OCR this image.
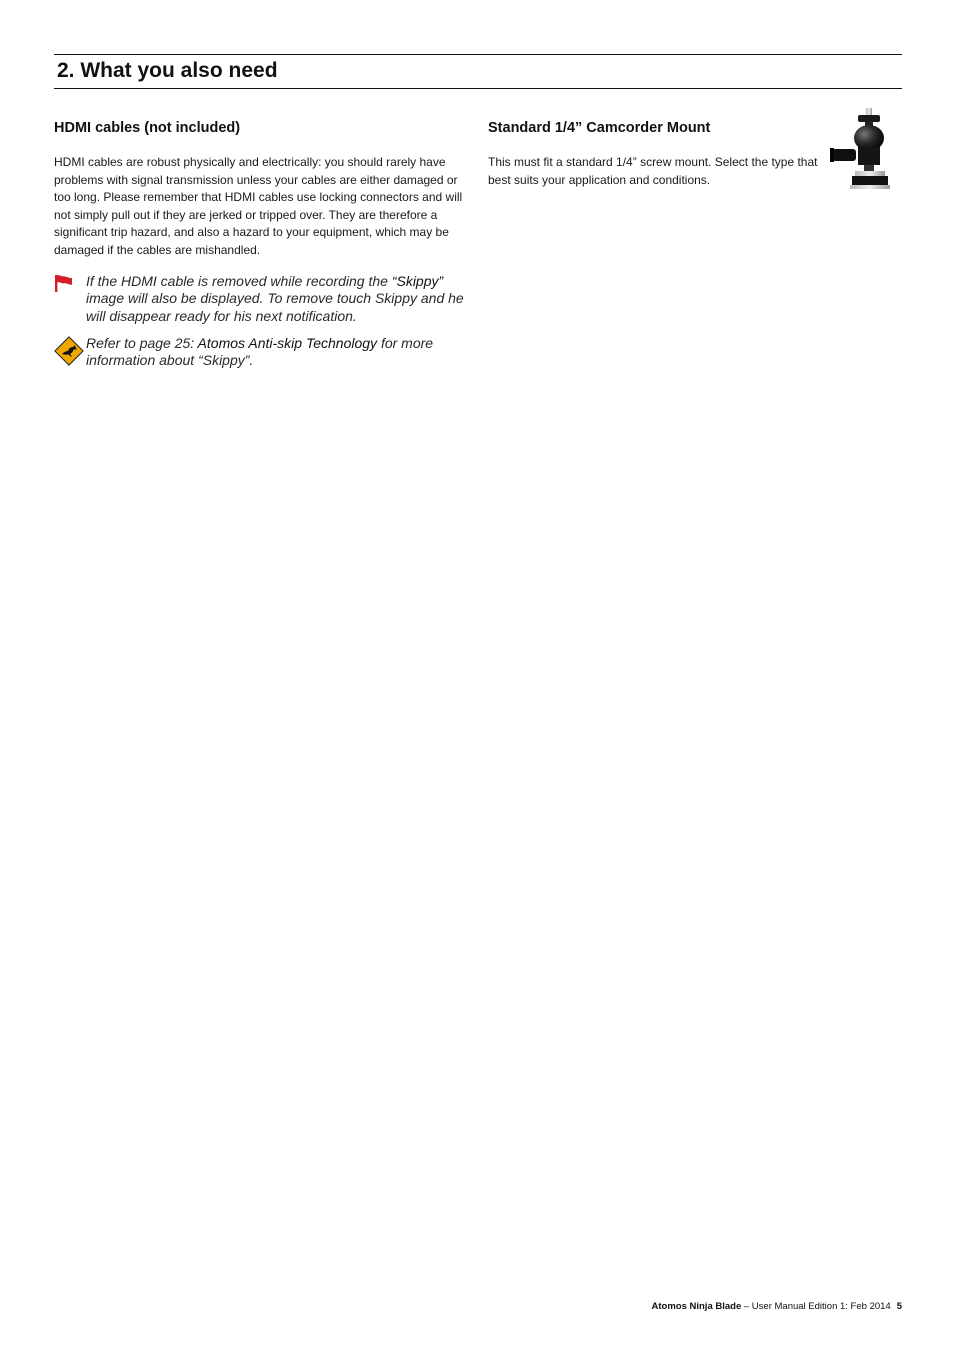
2. What you also need
HDMI cables (not included)

HDMI cables are robust physically and electrically: you should rarely have problems with signal transmission unless your cables are either damaged or too long. Please remember that HDMI cables use locking connectors and will not simply pull out if they are jerked or tripped over. They are therefore a significant trip hazard, and also a hazard to your equipment, which may be damaged if the cables are mishandled.

If the HDMI cable is removed while recording the “Skippy” image will also be displayed. To remove touch Skippy and he will disappear ready for his next notification.
Refer to page 25: Atomos Anti-skip Technology for more information about “Skippy”.
Standard 1/4” Camcorder Mount

This must fit a standard 1/4” screw mount. Select the type that best suits your application and conditions.

Atomos Ninja Blade – User Manual Edition 1: Feb 2014 5
